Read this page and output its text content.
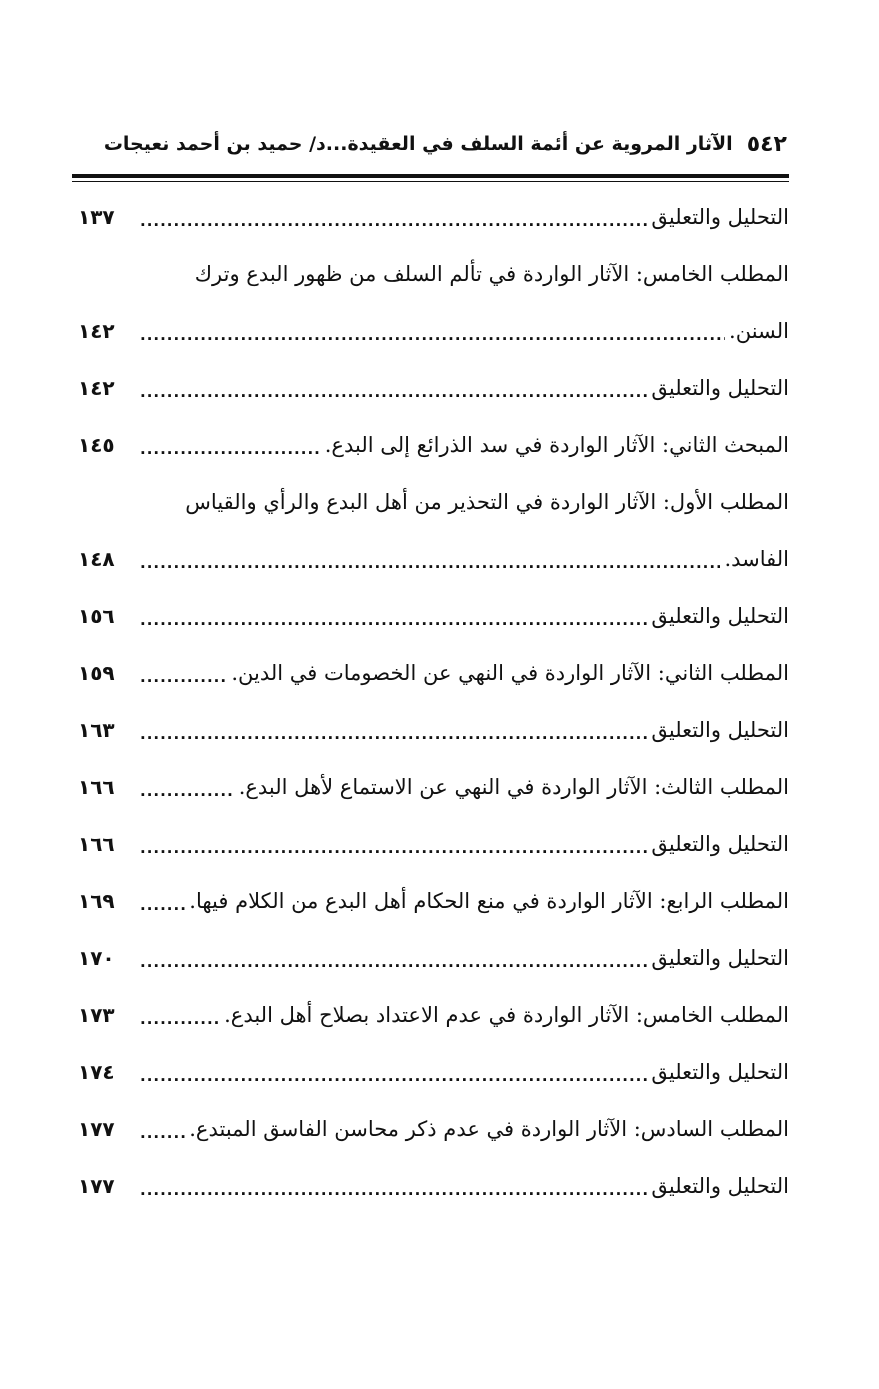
٥٤٢
الآثار المروية عن أئمة السلف في العقيدة...د/ حميد بن أحمد نعيجات
التحليل والتعليق
.....
١٣٧
المطلب الخامس: الآثار الواردة في تألم السلف من ظهور البدع وترك
السنن.
.....
١٤٢
التحليل والتعليق
.....
١٤٢
المبحث الثاني: الآثار الواردة في سد الذرائع إلى البدع.
.....
١٤٥
المطلب الأول: الآثار الواردة في التحذير من أهل البدع والرأي والقياس
الفاسد.
.....
١٤٨
التحليل والتعليق
.....
١٥٦
المطلب الثاني: الآثار الواردة في النهي عن الخصومات في الدين.
.....
١٥٩
التحليل والتعليق
.....
١٦٣
المطلب الثالث: الآثار الواردة في النهي عن الاستماع لأهل البدع.
.....
١٦٦
التحليل والتعليق
.....
١٦٦
المطلب الرابع: الآثار الواردة في منع الحكام أهل البدع من الكلام فيها.
.....
١٦٩
التحليل والتعليق
.....
١٧٠
المطلب الخامس: الآثار الواردة في عدم الاعتداد بصلاح أهل البدع.
.....
١٧٣
التحليل والتعليق
.....
١٧٤
المطلب السادس: الآثار الواردة في عدم ذكر محاسن الفاسق المبتدع.
.....
١٧٧
التحليل والتعليق
.....
١٧٧
